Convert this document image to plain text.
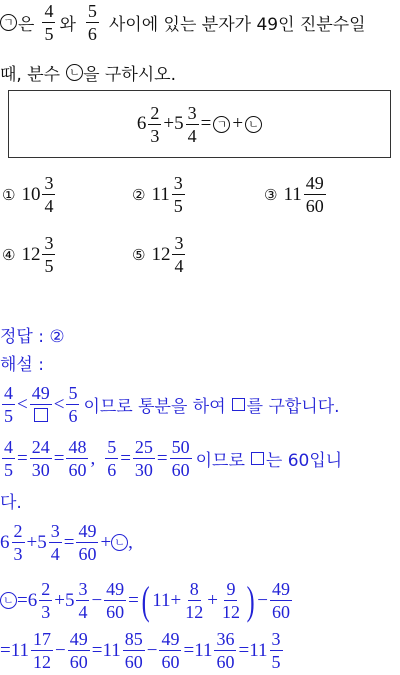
ㄱ 은 $\frac{4}{5}$ 와 $\frac{5}{6}$ 사이에 있는 분자가 49인 진분수일
때, 분수 ㄴ 을 구하시오.
$6 \frac{2}{3} + 5 \frac{3}{4}$ = ㄱ + ㄴ
① $10 \frac{3}{4}$	② $11 \frac{3}{5}$	③ $11 \frac{49}{60}$
④ $12 \frac{3}{5}$	⑤ $12 \frac{3}{4}$
정답 : ②
해설 :
$\frac{4}{5}$ <
49
< $\frac{5}{6}$ 이므로 통분을 하여 를 구합니다.
$\frac{4}{5} = \frac{24}{30} = \frac{48}{60}$ , $\frac{5}{6} = \frac{25}{30} = \frac{50}{60}$ 이므로 는 60입니
다.
$6 \frac{2}{3} + 5 \frac{3}{4} = \frac{49}{60}$ + ㄴ ,
ㄴ = $6 \frac{2}{3} + 5 \frac{3}{4} - \frac{49}{60}$ = ( $11 + \frac{8}{12} + \frac{9}{12}$ ) − $\frac{49}{60}$
= $11 \frac{17}{12} - \frac{49}{60} = 11 \frac{85}{60} - \frac{49}{60} = 11 \frac{36}{60} = 11 \frac{3}{5}$
